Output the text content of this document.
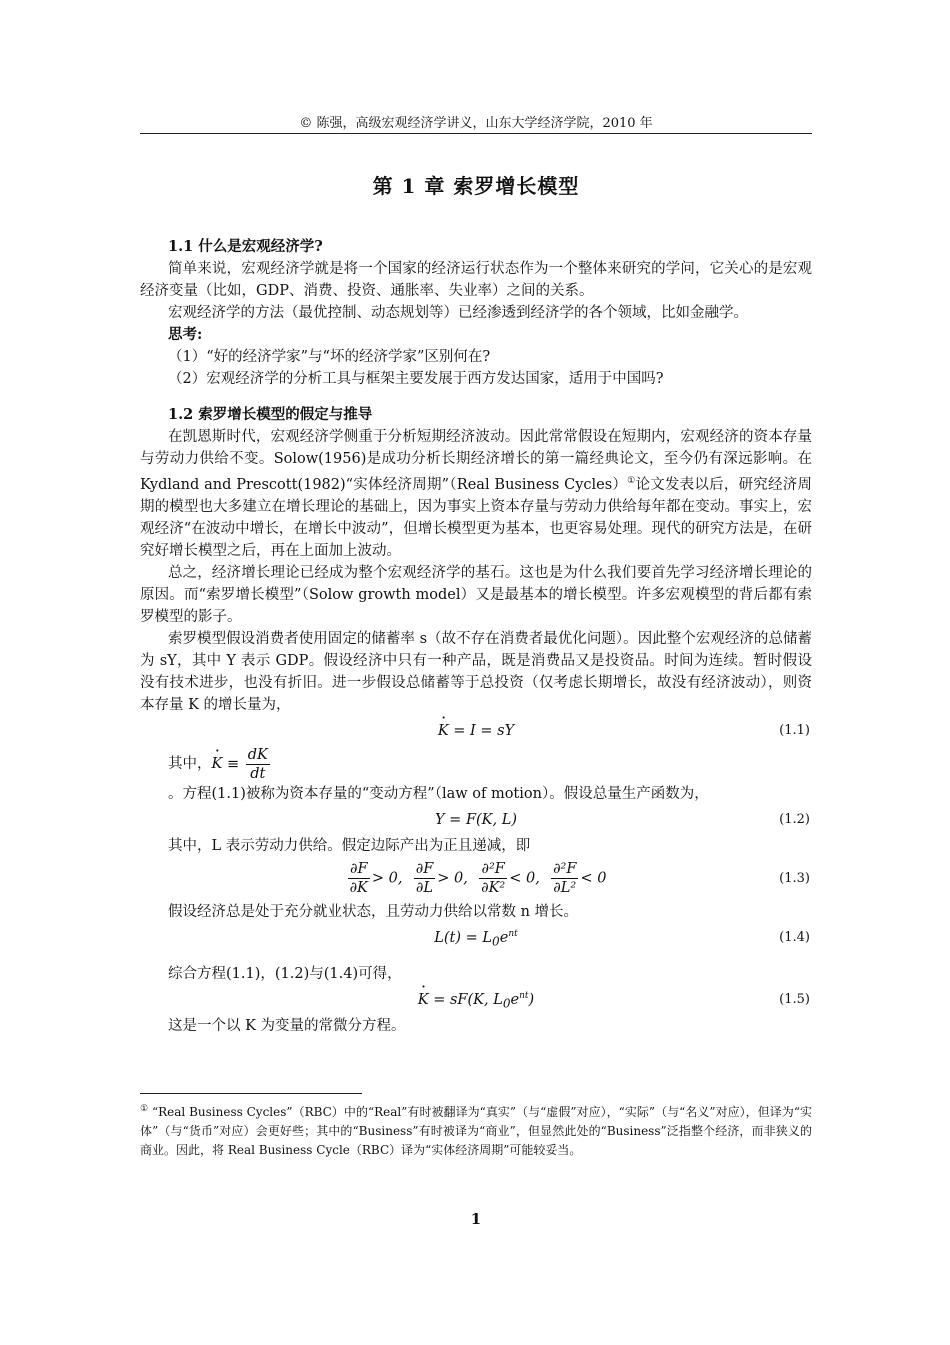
© 陈强，高级宏观经济学讲义，山东大学经济学院，2010 年
第 1 章 索罗增长模型
1.1 什么是宏观经济学?

简单来说，宏观经济学就是将一个国家的经济运行状态作为一个整体来研究的学问，它关心的是宏观经济变量（比如，GDP、消费、投资、通胀率、失业率）之间的关系。

宏观经济学的方法（最优控制、动态规划等）已经渗透到经济学的各个领域，比如金融学。

思考:
（1）“好的经济学家”与“坏的经济学家”区别何在?
（2）宏观经济学的分析工具与框架主要发展于西方发达国家，适用于中国吗?
1.2 索罗增长模型的假定与推导

在凯恩斯时代，宏观经济学侧重于分析短期经济波动。因此常常假设在短期内，宏观经济的资本存量与劳动力供给不变。Solow(1956)是成功分析长期经济增长的第一篇经典论文，至今仍有深远影响。在 Kydland and Prescott(1982)“实体经济周期”（Real Business Cycles）①论文发表以后，研究经济周期的模型也大多建立在增长理论的基础上，因为事实上资本存量与劳动力供给每年都在变动。事实上，宏观经济“在波动中增长，在增长中波动”，但增长模型更为基本，也更容易处理。现代的研究方法是，在研究好增长模型之后，再在上面加上波动。

总之，经济增长理论已经成为整个宏观经济学的基石。这也是为什么我们要首先学习经济增长理论的原因。而“索罗增长模型”（Solow growth model）又是最基本的增长模型。许多宏观模型的背后都有索罗模型的影子。

索罗模型假设消费者使用固定的储蓄率 s（故不存在消费者最优化问题）。因此整个宏观经济的总储蓄为 sY，其中 Y 表示 GDP。假设经济中只有一种产品，既是消费品又是投资品。时间为连续。暂时假设没有技术进步，也没有折旧。进一步假设总储蓄等于总投资（仅考虑长期增长，故没有经济波动），则资本存量 K 的增长量为，

· K = I = sY	(1.1)
其中，
· $K \equiv \frac{dK}{dt}$
。方程(1.1)被称为资本存量的“变动方程”（law of motion）。假设总量生产函数为，
Y = F(K, L)	(1.2)
其中，L 表示劳动力供给。假定边际产出为正且递减，即
$\frac{\partial F}{\partial K} > 0$, $\frac{\partial F}{\partial L} > 0$, $\frac{\text{∂²F}}{\text{∂K²}} < 0$, $\frac{\text{∂²F}}{\text{∂L²}} < 0$	(1.3)
假设经济总是处于充分就业状态，且劳动力供给以常数 n 增长。
$L(t) = L_0e^{nt}$	(1.4)
综合方程(1.1)，(1.2)与(1.4)可得，
· K = sF(K, $L_0e^{nt}$)	(1.5)
这是一个以 K 为变量的常微分方程。
① “Real Business Cycles”（RBC）中的“Real”有时被翻译为“真实”（与“虚假”对应），“实际”（与“名义”对应），但译为“实体”（与“货币”对应）会更好些；其中的“Business”有时被译为“商业”，但显然此处的“Business”泛指整个经济，而非狭义的商业。因此，将 Real Business Cycle（RBC）译为“实体经济周期”可能较妥当。
1
